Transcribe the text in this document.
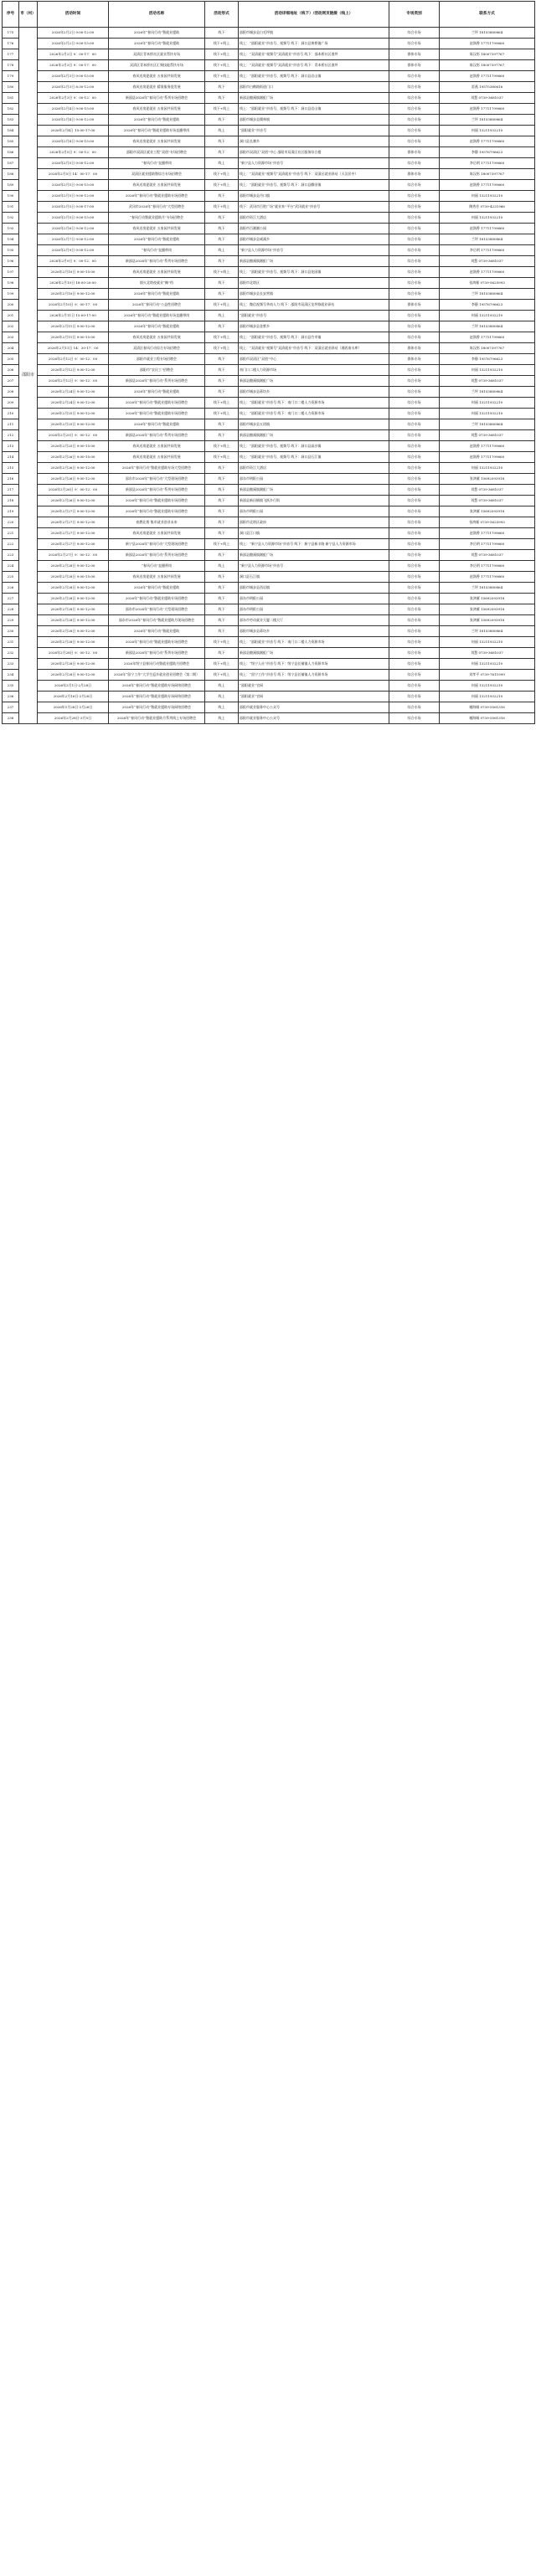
序号	市（州）	活动时间	活动名称	活动形式	活动详细地址（线下）/活动网页链接（线上）	专场类别	联系方式
175	邵阳市	2026年2月2日 9:00-12:00	2026年“春风行动”暨就业援助	线下	邵阳市城步县白毛坪镇	综合专场	兰坪 18153880864
176		2026年2月2日 9:00-15:00	2026年“春风行动”暨就业援助	线下+线上	线上：“邵阳就业”抖音号、视频号 线下：洞口县黄桥镇广场	综合专场	赵润香 17711799660
177		2026年2月2日 9：00-17：00	双清区青本桥社区就业帮扶专场	线下+线上	线上：“双清就业”视频号“双清就业”抖音号 线下：邵本桥社区渣坪	群体专场	陈汉彤 18007397767
178		2026年2月3日 9：00-17：00	双清区青本桥社区汇聚技能帮扶专场	线下+线上	线上：“双清就业”视频号“双清就业”抖音号 线下：青本桥社区渣坪	群体专场	陈汉彤 18007397767
179		2026年2月3日 9:00-15:00	春风送岗促就业 五家园共同发展	线下+线上	线上：“邵阳就业”抖音号、视频号 线下：洞口县岩山镇	综合专场	赵润香 17711799660
180		2026年2月3日 8:30-12:00	春风送岗促就业 精准服务促发展	线下	邵阳市白鹤路街道门口	综合专场	雷燕 19575380616
181		2026年2月3日 9：00-12：00	新邵县2026年“春风行动”系列专场招聘会	线下	新邵县酿溪镇湘虹广场	综合专场	刘慧 0739-3681037
182		2026年2月4日 9:00-15:00	春风送岗促就业 五家园共同发展	线下+线上	线上：“邵阳就业”抖音号、视频号 线下：洞口县岩山镇	综合专场	赵润香 17711799660
183		2026年2月4日 9:00-12:00	2026年“春风行动”暨就业援助	线下	邵阳市城步县儒林镇	综合专场	兰坪 18153880864
184		2026年2月4日 15:00-17:00	2026年“春风行动”暨就业援助专场直播带岗	线上	“邵阳就业”抖音号	综合专场	何丽 13211932210
185		2026年2月4日 9:00-15:00	春风送岗促就业 五家园共同发展	线下	洞口县长寨乡	综合专场	赵润香 17711799660
186		2026年2月5日 9：00-12：00	邵阳市双清区就业工程“双创”专场招聘会	线下	邵阳市双清区“双创”中心 邵阳市双清区社区服务综合楼	群体专场	李静 19576796623
187		2026年2月5日 9:00-12:00	“春风行动”直播带岗	线上	“新宁县人力资源市场”抖音号	综合专场	李岳明 17711799660
188		2026年2月5日 14：00-17：00	双清区就业援助暨综合专场招聘会	线下+线上	线上：“双清就业”视频号“双清就业”抖音号 线下：双清区就业驿站（天汉民中）	群体专场	陈汉彤 18007397767
189		2026年2月5日 9:00-15:00	春风送岗促就业 五家园共同发展	线下+线上	线上：“邵阳就业”抖音号、视频号 线下：洞口县醪田镇	综合专场	赵润香 17711799660
190		2026年2月5日 9:00-12:00	2026年“春风行动”暨就业援助专场招聘会	线下	邵阳市城步县丹口镇	综合专场	何丽 13211932210
191		2026年2月5日 9:00-17:00	武冈市2026年“春风行动”大型招聘会	线下+线上	线下：武冈市百姓广场“就业来”平台“武冈就业”抖音号	综合专场	陶秀芳 0739-4221966
192		2026年2月5日 9:00-15:00	“春风行动暨就业援助月”专场招聘会	线下	邵阳市资江大酒店	综合专场	何丽 13211932210
193		2026年2月6日 9:00-12:00	春风送岗促就业 五家园共同发展	线下	邵阳市百湘湘公园	综合专场	赵润香 17711799660
194		2026年2月7日 9:00-12:00	2026年“春风行动”暨就业援助	线下	邵阳市城步县威溪乡	综合专场	兰坪 18153880864
195		2026年2月9日 9:00-12:00	“春风行动”直播带岗	线上	“新宁县人力资源市场”抖音号	综合专场	李岳明 17711799660
196		2026年2月9日 9：00-12：00	新邵县2026年“春风行动”系列专场招聘会	线下	新邵县酿溪镇湘虹广场	综合专场	刘慧 0739-3681037
197		2026年2月10日 9:00-15:00	春风送岗促就业 五家园共同发展	线下+线上	线上：“邵阳就业”抖音号、视频号 线下：洞口县花园镇	综合专场	赵润香 17711799660
198		2026年2月10日 18:00-20:00	烟火北塔夜就业“摊”档	线下	邵阳市北塔区	综合专场	张鸿雁 0739-5625993
199		2026年2月10日 9:00-12:00	2026年“春风行动”暨就业援助	线下	邵阳市城步县长安营镇	综合专场	兰坪 18153880864
200		2026年2月10日 9：00-17：00	2026年“春风行动”公益性招聘会	线下+线上	线上：微信视频号华南人力 线下：邵阳市双清区龙坪路就业驿站	群体专场	李静 19576796623
201		2026年2月11日 15:00-17:00	2026年“春风行动”暨就业援助专场直播带岗	线上	“邵阳就业”抖音号	综合专场	何丽 13211932210
202		2026年2月11日 9:00-12:00	2026年“春风行动”暨就业援助	线下	邵阳市城步县金紫乡	综合专场	兰坪 18153880864
203		2026年2月11日 9:00-15:00	春风送岗促就业 五家园共同发展	线下+线上	线上：“邵阳就业”抖音号、视频号 线下：洞口县竹市镇	综合专场	赵润香 17711799660
204		2026年2月11日 14：30-17：00	双清区春风行动综合专场招聘会	线下+线上	线上：“双清就业”视频号“双清就业”抖音号 线下：双清区就业驿站（湘西南水库）	群体专场	陈汉彤 18007397767
205		2026年2月12日 9：00-12：00	邵阳市就业工程专场招聘会	线下	邵阳市双清区“双创”中心	群体专场	李静 19576796623
206		2026年2月12日 9:00-12:00	邵阳市“农民工”招聘会	线下	南门口二楼人力资源市场	综合专场	何丽 13211932210
207		2026年2月12日 9：00-12：00	新邵县2026年“春风行动”系列专场招聘会	线下	新邵县酿溪镇湘虹广场	综合专场	刘慧 0739-3681037
208		2026年2月24日 9:00-12:00	2026年“春风行动”暨就业援助	线下	邵阳市城步县蒋坊乡	综合专场	兰坪 18153880864
209		2026年2月24日 9:00-12:00	2026年“春风行动”暨就业援助专场招聘会	线下+线上	线上：“邵阳就业”抖音号 线下：南门口二楼人力资源市场	综合专场	何丽 13211932210
210		2026年2月25日 9:00-12:00	2026年“春风行动”暨就业援助专场招聘会	线下+线上	线上：“邵阳就业”抖音号 线下：南门口二楼人力资源市场	综合专场	何丽 13211932210
211		2026年2月25日 9:00-12:00	2026年“春风行动”暨就业援助	线下	邵阳市城步县五团镇	综合专场	兰坪 18153880864
212		2026年2月25日 9：00-12：00	新邵县2026年“春风行动”系列专场招聘会	线下	新邵县酿溪镇湘虹广场	综合专场	刘慧 0739-3681037
213		2026年2月25日 9:00-15:00	春风送岗促就业 五家园共同发展	线下+线上	线上：“邵阳就业”抖音号、视频号 线下：洞口县高沙镇	综合专场	赵润香 17711799660
214		2026年2月26日 9:00-15:00	春风送岗促就业 五家园共同发展	线下+线上	线上：“邵阳就业”抖音号、视频号 线下：洞口县石江镇	综合专场	赵润香 17711799660
215		2026年2月26日 9:00-12:00	2026年“春风行动”暨就业援助专场大型招聘会	线下	邵阳市资江大酒店	综合专场	何丽 13211932210
216		2026年2月26日 9:00-12:00	邵东市2026年“春风行动”大型现场招聘会	线下	邵东市明阳公园	综合专场	张鸿雁 15692093918
217		2026年2月26日 9：00-12：00	新邵县2026年“春风行动”系列专场招聘会	线下	新邵县酿溪镇湘虹广场	综合专场	刘慧 0739-3681037
218		2026年2月26日 9:00-12:00	2026年“春风行动”暨就业援助专场招聘会	线下	新邵县新田铺镇飞跃乡行街	综合专场	刘慧 0739-3681037
219		2026年2月27日 9:00-12:00	2026年“春风行动”暨就业援助专场招聘会	线下	邵东市明阳公园	综合专场	张鸿雁 15692093918
220		2026年2月27日 9:00-12:00	夜燃北塔 集市就业创业未来	线下	邵阳市北塔区政府	综合专场	张鸿雁 0739-5625993
221		2026年2月27日 9:00-12:00	春风送岗促就业 五家园共同发展	线下	洞口县江口镇	综合专场	赵润香 17711799660
222		2026年2月27日 9:00-12:00	新宁县2026年“春风行动”大型现场招聘会	线下+线上	线上：“新宁县人力资源市场”抖音号 线下：新宁县新丰路 新宁县人力资源市场	综合专场	李岳明 17711799660
223		2026年2月27日 9：00-12：00	新邵县2026年“春风行动”系列专场招聘会	线下	新邵县酿溪镇湘虹广场	综合专场	刘慧 0739-3681037
224		2026年2月28日 9:00-12:00	“春风行动”直播带岗	线上	“新宁县人力资源市场”抖音号	综合专场	李岳明 17711799660
225		2026年2月28日 9:00-15:00	春风送岗促就业 五家园共同发展	线下	洞口县石江镇	综合专场	赵润香 17711799660
226		2026年2月28日 9:00-12:00	2026年“春风行动”暨就业援助	线下	邵阳市城步县西岩镇	综合专场	兰坪 18153880864
227		2026年2月28日 9:00-12:00	2026年“春风行动”暨就业援助专场招聘会	线下	邵东市明阳公园	综合专场	张鸿雁 15692093918
228		2026年2月28日 9:00-12:00	邵东市2026年“春风行动”大型现场招聘会	线下	邵东市明阳公园	综合专场	张鸿雁 15692093918
229		2026年2月28日 9:00-12:00	邵东市2026年“春风行动”暨就业援助月现场招聘会	线下	邵东市劳动就业大厦二楼大厅	综合专场	张鸿雁 15692093918
230		2026年2月28日 9:00-12:00	2026年“春风行动”暨就业援助	线下	邵阳市城步县蒋坊乡	综合专场	兰坪 18153880864
231		2026年2月28日 9:00-12:00	2026年“春风行动”暨就业援助专场招聘会	线下+线上	线上：“邵阳就业”抖音号 线下：南门口二楼人力资源市场	综合专场	何丽 13211932210
232		2026年2月28日 9：00-12：00	新邵县2026年“春风行动”系列专场招聘会	线下	新邵县酿溪镇湘虹广场	综合专场	刘慧 0739-3681037
233		2026年2月28日 9:00-12:00	2026年绥宁县春风行动暨就业援助月招聘会	线下+线上	线上：“绥宁人社”抖音号 线下：绥宁县长铺镇人力资源市场	综合专场	何丽 13211932210
234		2026年2月28日 9:00-12:00	2026年“留宁工作”大学生返乡就业创业招聘会（第二期）	线下+线上	线上：“留宁工作”抖音号 线下：绥宁县长铺镇人力资源市场	综合专场	刘孝平 0739-7611999
235		2026年2月1日-2月28日	2026年“春风行动”暨就业援助专场网络招聘会	线上	“邵阳就业”官网	综合专场	何丽 13211932210
236		2026年2月16日-2月28日	2026年“春风行动”暨就业援助专场网络招聘会	线上	“邵阳就业”官网	综合专场	何丽 13211932210
237		2026年1月28日-2月28日	2026年“春风行动”暨就业援助专场网络招聘会	线上	邵阳市就业服务中心公众号	综合专场	谢海城 0739-5561316
238		2026年2月28日-3月5日	2026年“春风行动”暨就业援助月系列线上专场招聘会	线上	邵阳市就业服务中心公众号	综合专场	谢海城 0739-5561316
